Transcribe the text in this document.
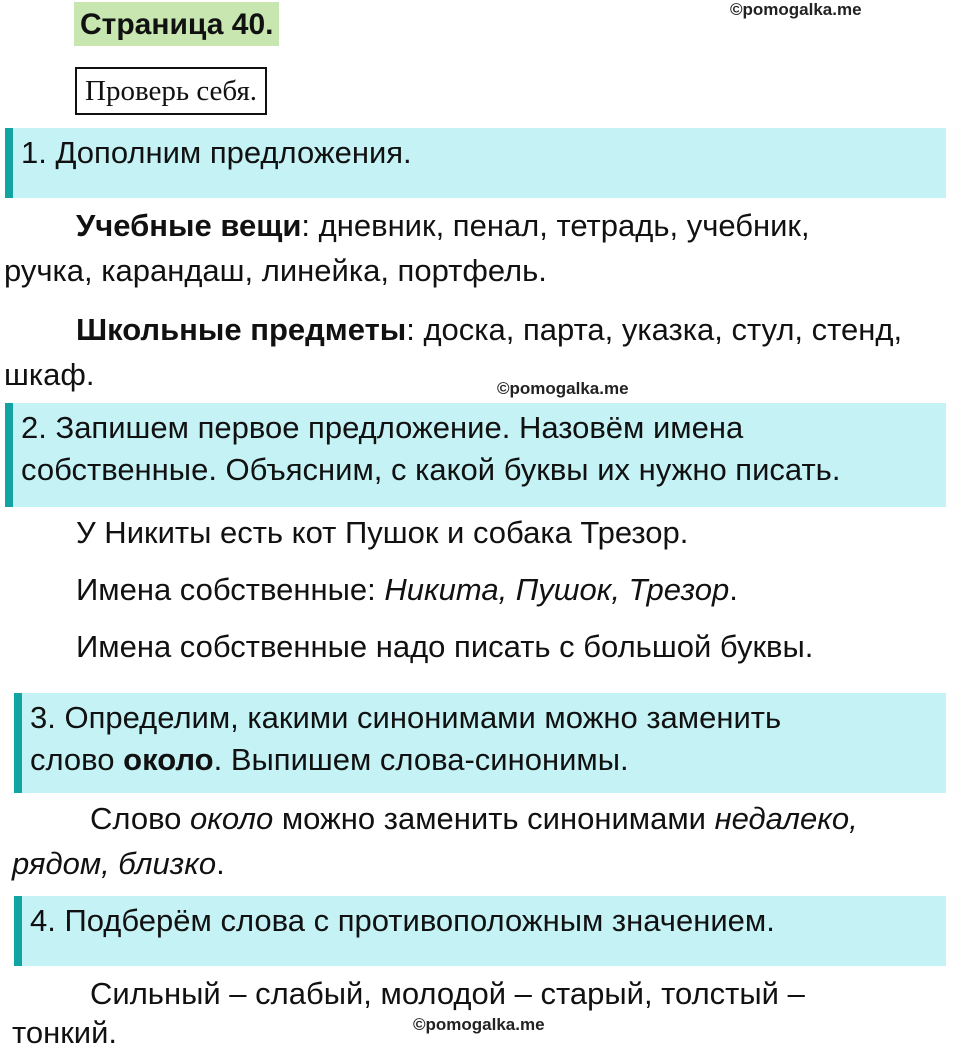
Страница 40.	©pomogalka.me
Проверь себя.
1. Дополним предложения.
Учебные вещи: дневник, пенал, тетрадь, учебник,
ручка, карандаш, линейка, портфель.
Школьные предметы: доска, парта, указка, стул, стенд,
шкаф.	©pomogalka.me
2. Запишем первое предложение. Назовём имена
собственные. Объясним, с какой буквы их нужно писать.
У Никиты есть кот Пушок и собака Трезор.
Имена собственные: Никита, Пушок, Трезор.
Имена собственные надо писать с большой буквы.
3. Определим, какими синонимами можно заменить
слово около. Выпишем слова-синонимы.
Слово около можно заменить синонимами недалеко,
рядом, близко.
4. Подберём слова с противоположным значением.
Сильный – слабый, молодой – старый, толстый –
тонкий.	©pomogalka.me
